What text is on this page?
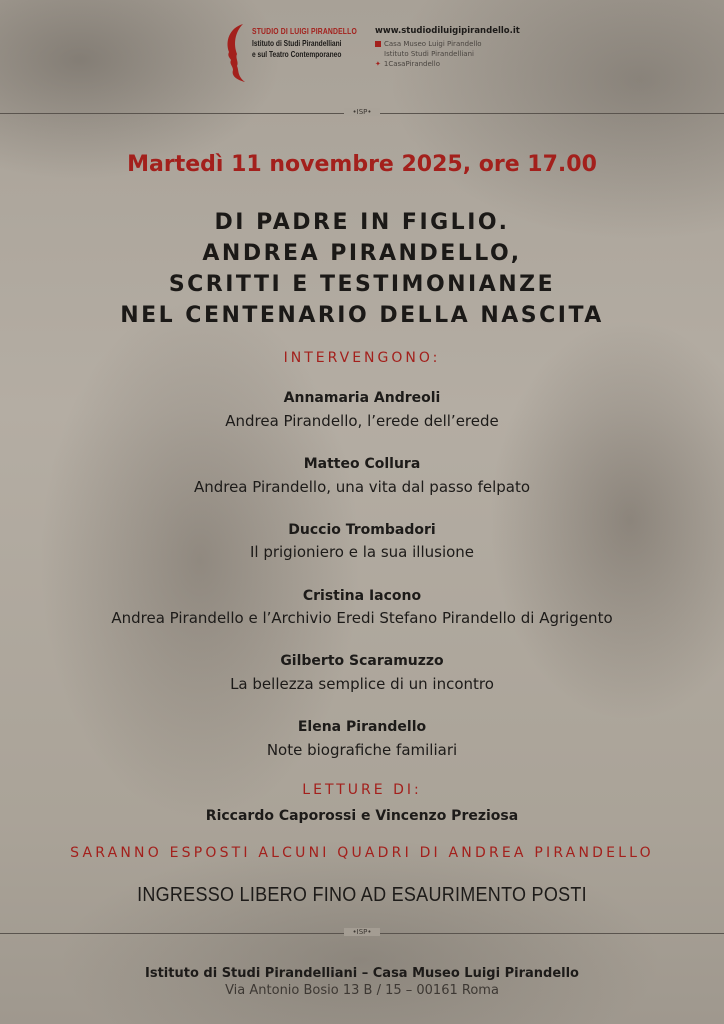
STUDIO DI LUIGI PIRANDELLO
Istituto di Studi Pirandelliani
e sul Teatro Contemporaneo
www.studiodiluigipirandello.it
Casa Museo Luigi Pirandello
Istituto Studi Pirandelliani
✦ 1CasaPirandello
•ISP•
Martedì 11 novembre 2025, ore 17.00
DI PADRE IN FIGLIO.
ANDREA PIRANDELLO,
SCRITTI E TESTIMONIANZE
NEL CENTENARIO DELLA NASCITA
INTERVENGONO:
Annamaria Andreoli
Andrea Pirandello, l’erede dell’erede
Matteo Collura
Andrea Pirandello, una vita dal passo felpato
Duccio Trombadori
Il prigioniero e la sua illusione
Cristina Iacono
Andrea Pirandello e l’Archivio Eredi Stefano Pirandello di Agrigento
Gilberto Scaramuzzo
La bellezza semplice di un incontro
Elena Pirandello
Note biografiche familiari
LETTURE DI:
Riccardo Caporossi e Vincenzo Preziosa
SARANNO ESPOSTI ALCUNI QUADRI DI ANDREA PIRANDELLO
INGRESSO LIBERO FINO AD ESAURIMENTO POSTI
•ISP•
Istituto di Studi Pirandelliani – Casa Museo Luigi Pirandello
Via Antonio Bosio 13 B / 15 – 00161 Roma
